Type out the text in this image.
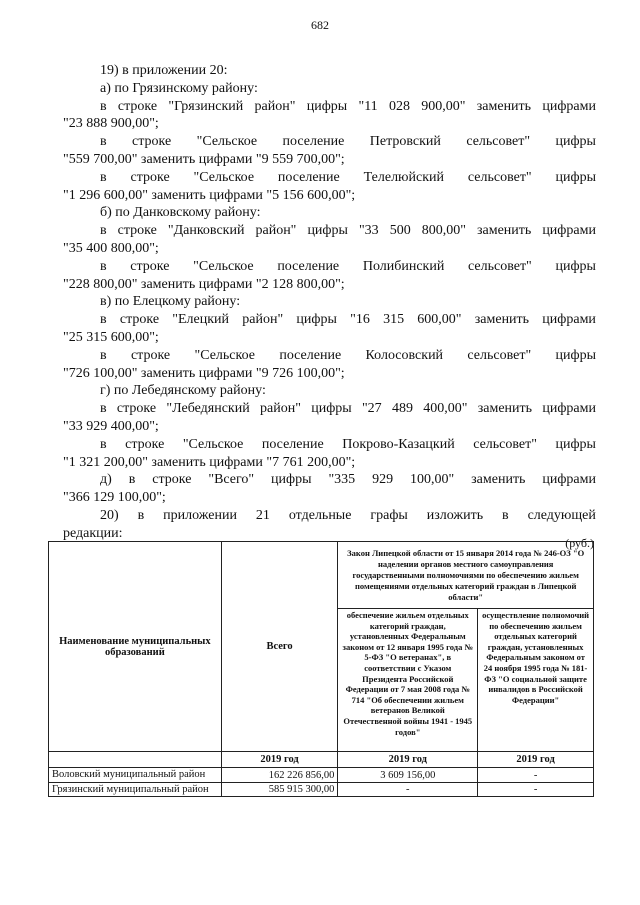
682
19) в приложении 20:
а) по Грязинскому району:
в строке "Грязинский район" цифры "11 028 900,00" заменить цифрами
"23 888 900,00";
в строке "Сельское поселение Петровский сельсовет" цифры
"559 700,00" заменить цифрами "9 559 700,00";
в строке "Сельское поселение Телелюйский сельсовет" цифры
"1 296 600,00" заменить цифрами "5 156 600,00";
б) по Данковскому району:
в строке "Данковский район" цифры "33 500 800,00" заменить цифрами
"35 400 800,00";
в строке "Сельское поселение Полибинский сельсовет" цифры
"228 800,00" заменить цифрами "2 128 800,00";
в) по Елецкому району:
в строке "Елецкий район" цифры "16 315 600,00" заменить цифрами
"25 315 600,00";
в строке "Сельское поселение Колосовский сельсовет" цифры
"726 100,00" заменить цифрами "9 726 100,00";
г) по Лебедянскому району:
в строке "Лебедянский район" цифры "27 489 400,00" заменить цифрами
"33 929 400,00";
в строке "Сельское поселение Покрово-Казацкий сельсовет" цифры
"1 321 200,00" заменить цифрами "7 761 200,00";
д) в строке "Всего" цифры "335 929 100,00" заменить цифрами
"366 129 100,00";
20) в приложении 21 отдельные графы изложить в следующей
редакции:
(руб.)
Наименование муниципальных образований	Всего	Закон Липецкой области от 15 января 2014 года № 246-ОЗ "О наделении органов местного самоуправления государственными полномочиями по обеспечению жильем помещениями отдельных категорий граждан в Липецкой области"	
		обеспечение жильем отдельных категорий граждан, установленных Федеральным законом от 12 января 1995 года № 5-ФЗ "О ветеранах", в соответствии с Указом Президента Российской Федерации от 7 мая 2008 года № 714 "Об обеспечении жильем ветеранов Великой Отечественной войны 1941 - 1945 годов"	осуществление полномочий по обеспечению жильем отдельных категорий граждан, установленных Федеральным законом от 24 ноября 1995 года № 181-ФЗ "О социальной защите инвалидов в Российской Федерации"
	2019 год	2019 год	2019 год
Воловский муниципальный район	162 226 856,00	3 609 156,00	-
Грязинский муниципальный район	585 915 300,00	-	-
